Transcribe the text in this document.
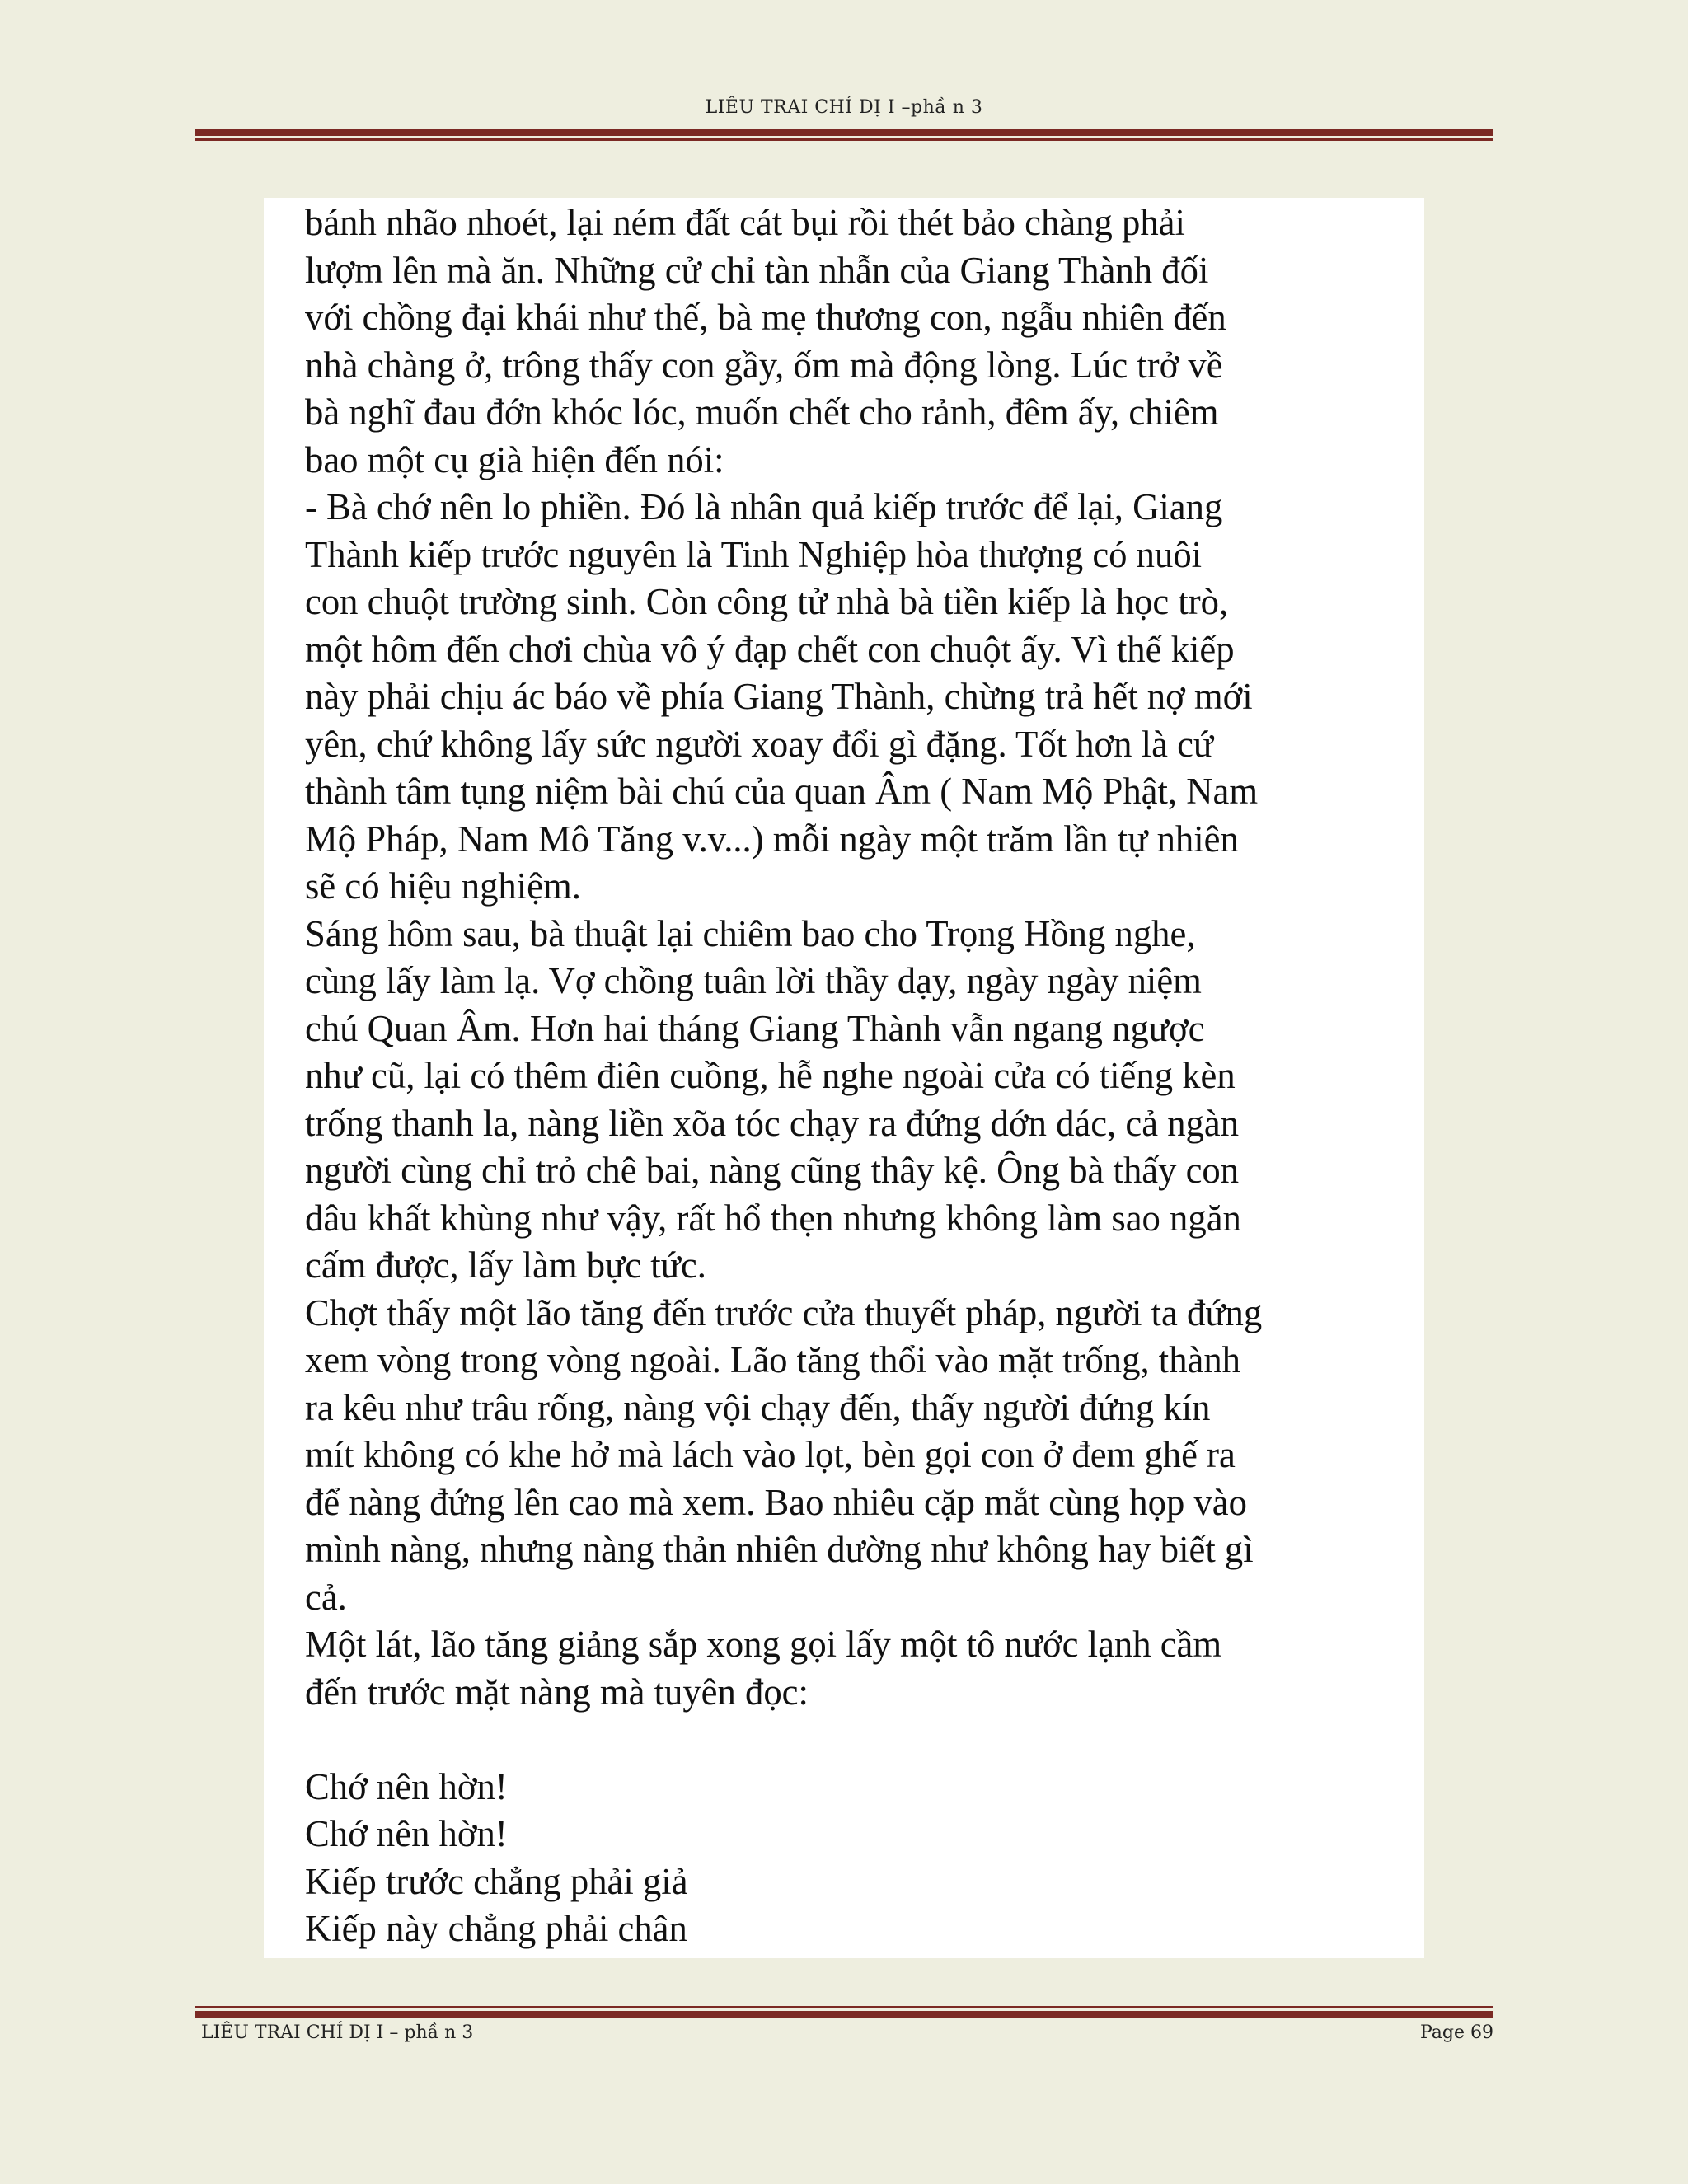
LIÊU TRAI CHÍ DỊ I –phầ n 3
bánh nhão nhoét, lại ném đất cát bụi rồi thét bảo chàng phải
lượm lên mà ăn. Những cử chỉ tàn nhẫn của Giang Thành đối
với chồng đại khái như thế, bà mẹ thương con, ngẫu nhiên đến
nhà chàng ở, trông thấy con gầy, ốm mà động lòng. Lúc trở về
bà nghĩ đau đớn khóc lóc, muốn chết cho rảnh, đêm ấy, chiêm
bao một cụ già hiện đến nói:
- Bà chớ nên lo phiền. Đó là nhân quả kiếp trước để lại, Giang
Thành kiếp trước nguyên là Tinh Nghiệp hòa thượng có nuôi
con chuột trường sinh. Còn công tử nhà bà tiền kiếp là học trò,
một hôm đến chơi chùa vô ý đạp chết con chuột ấy. Vì thế kiếp
này phải chịu ác báo về phía Giang Thành, chừng trả hết nợ mới
yên, chứ không lấy sức người xoay đổi gì đặng. Tốt hơn là cứ
thành tâm tụng niệm bài chú của quan Âm ( Nam Mộ Phật, Nam
Mộ Pháp, Nam Mô Tăng v.v...) mỗi ngày một trăm lần tự nhiên
sẽ có hiệu nghiệm.
Sáng hôm sau, bà thuật lại chiêm bao cho Trọng Hồng nghe,
cùng lấy làm lạ. Vợ chồng tuân lời thầy dạy, ngày ngày niệm
chú Quan Âm. Hơn hai tháng Giang Thành vẫn ngang ngược
như cũ, lại có thêm điên cuồng, hễ nghe ngoài cửa có tiếng kèn
trống thanh la, nàng liền xõa tóc chạy ra đứng dớn dác, cả ngàn
người cùng chỉ trỏ chê bai, nàng cũng thây kệ. Ông bà thấy con
dâu khất khùng như vậy, rất hổ thẹn nhưng không làm sao ngăn
cấm được, lấy làm bực tức.
Chợt thấy một lão tăng đến trước cửa thuyết pháp, người ta đứng
xem vòng trong vòng ngoài. Lão tăng thổi vào mặt trống, thành
ra kêu như trâu rống, nàng vội chạy đến, thấy người đứng kín
mít không có khe hở mà lách vào lọt, bèn gọi con ở đem ghế ra
để nàng đứng lên cao mà xem. Bao nhiêu cặp mắt cùng họp vào
mình nàng, nhưng nàng thản nhiên dường như không hay biết gì
cả.
Một lát, lão tăng giảng sắp xong gọi lấy một tô nước lạnh cầm
đến trước mặt nàng mà tuyên đọc:
Chớ nên hờn!
Chớ nên hờn!
Kiếp trước chẳng phải giả
Kiếp này chẳng phải chân
LIÊU TRAI CHÍ DỊ I – phầ n 3	Page 69
